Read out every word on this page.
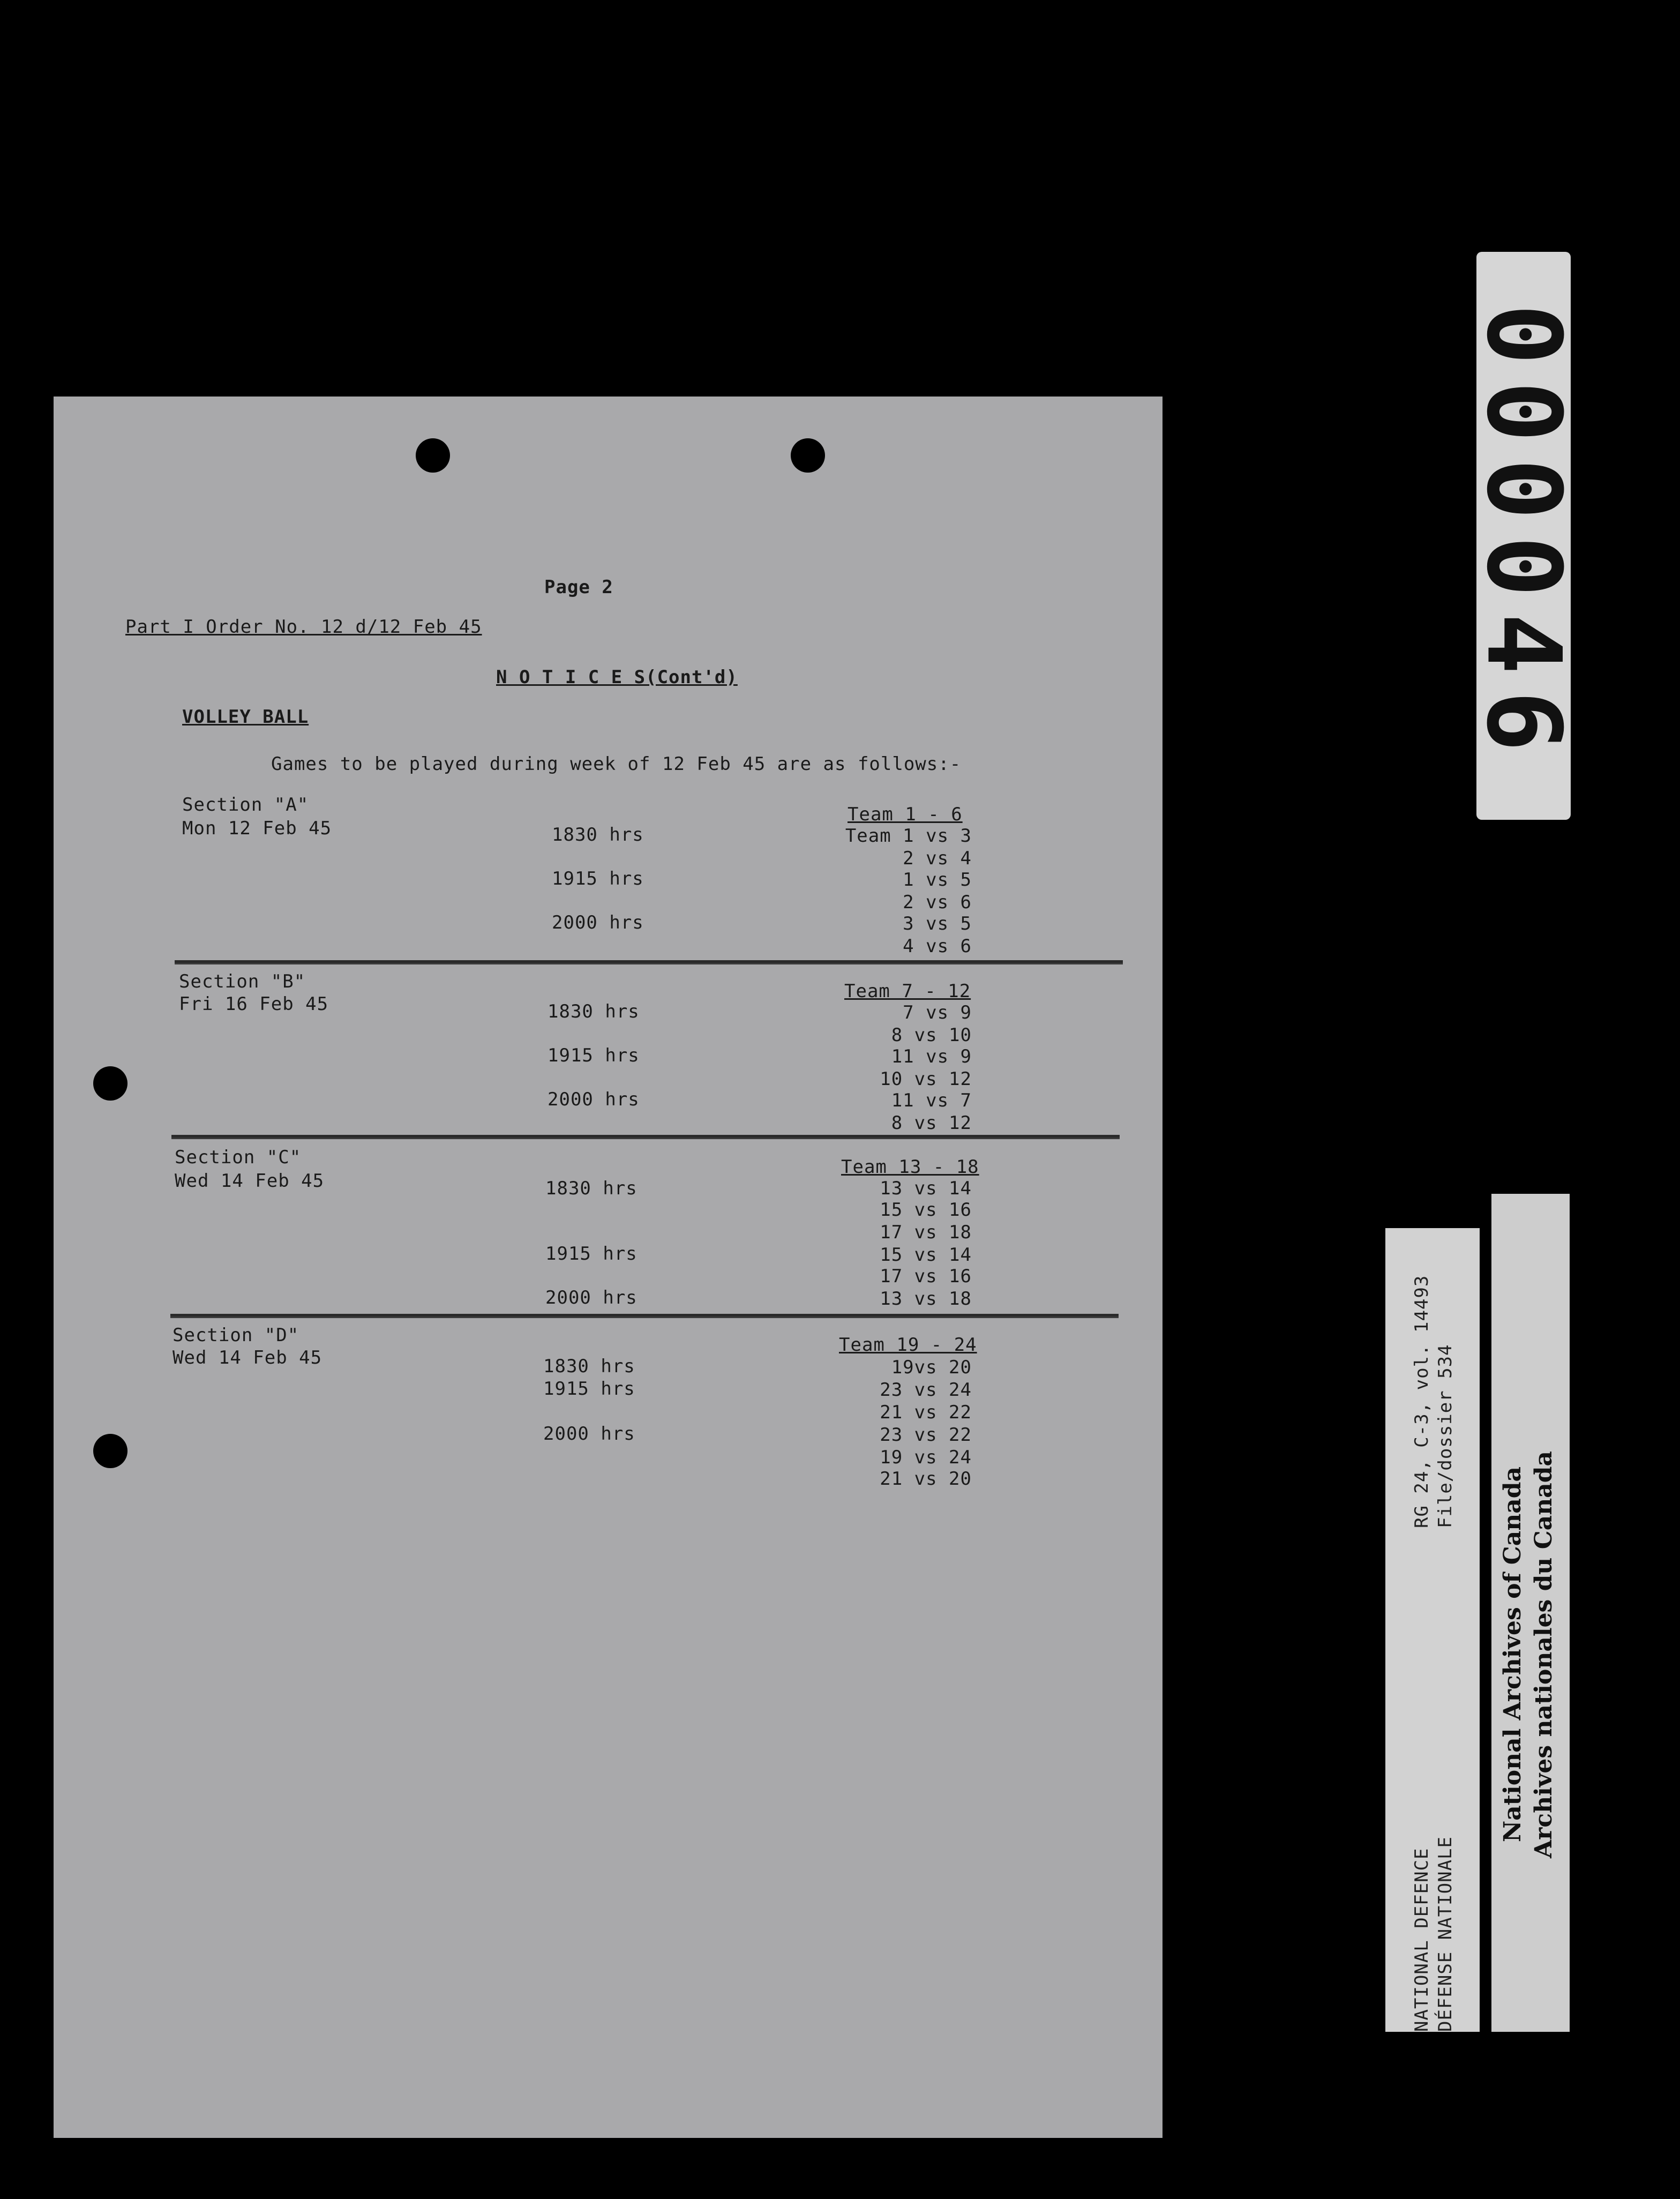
Page 2
Part I Order No. 12 d/12 Feb 45
N O T I C E S(Cont'd)
VOLLEY BALL
Games to be played during week of 12 Feb 45 are as follows:-
Section "A"
Mon 12 Feb 45
Team 1 - 6
1830 hrs
1915 hrs
2000 hrs
Team 1 vs 3
2 vs 4
1 vs 5
2 vs 6
3 vs 5
4 vs 6
Section "B"
Fri 16 Feb 45
Team 7 - 12
1830 hrs
1915 hrs
2000 hrs
7 vs 9
8 vs 10
11 vs 9
10 vs 12
11 vs 7
8 vs 12
Section "C"
Wed 14 Feb 45
Team 13 - 18
1830 hrs
1915 hrs
2000 hrs
13 vs 14
15 vs 16
17 vs 18
15 vs 14
17 vs 16
13 vs 18
Section "D"
Wed 14 Feb 45
Team 19 - 24
1830 hrs
1915 hrs
2000 hrs
19vs 20
23 vs 24
21 vs 22
23 vs 22
19 vs 24
21 vs 20
000046
RG 24, C-3, vol. 14493 File/dossier 534
NATIONAL DEFENCE DÉFENSE NATIONALE
National Archives of Canada Archives nationales du Canada
